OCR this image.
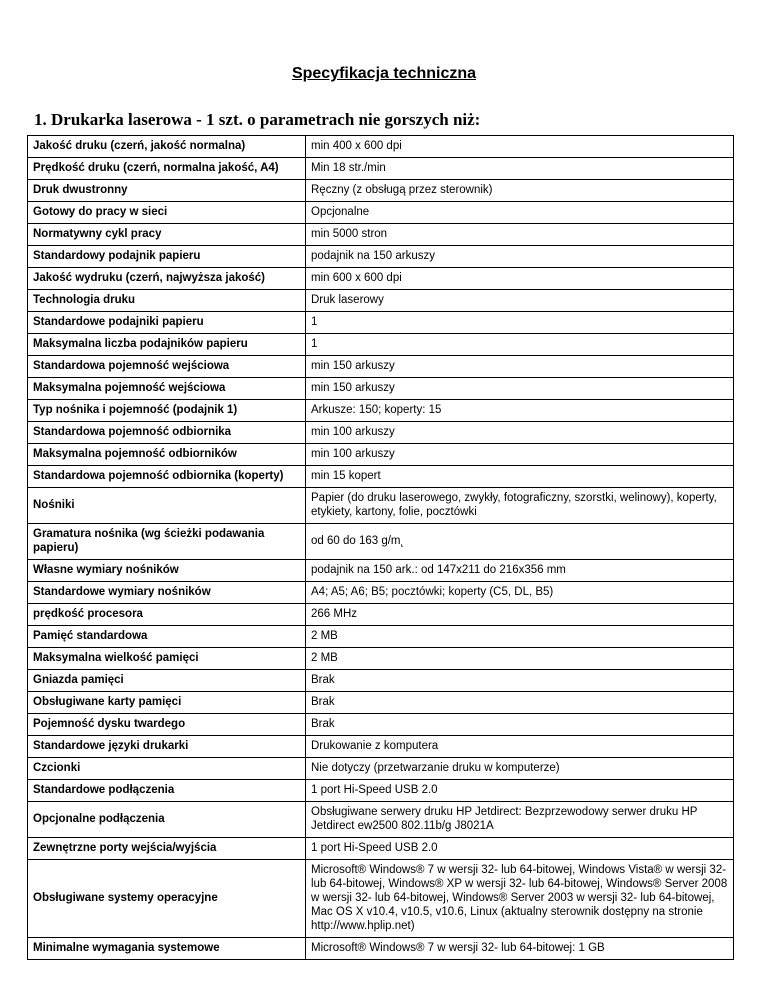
Specyfikacja techniczna
1. Drukarka laserowa - 1 szt. o parametrach nie gorszych niż:
Jakość druku (czerń, jakość normalna)	min 400 x 600 dpi
Prędkość druku (czerń, normalna jakość, A4)	Min 18 str./min
Druk dwustronny	Ręczny (z obsługą przez sterownik)
Gotowy do pracy w sieci	Opcjonalne
Normatywny cykl pracy	min 5000 stron
Standardowy podajnik papieru	podajnik na 150 arkuszy
Jakość wydruku (czerń, najwyższa jakość)	min 600 x 600 dpi
Technologia druku	Druk laserowy
Standardowe podajniki papieru	1
Maksymalna liczba podajników papieru	1
Standardowa pojemność wejściowa	min 150 arkuszy
Maksymalna pojemność wejściowa	min 150 arkuszy
Typ nośnika i pojemność (podajnik 1)	Arkusze: 150; koperty: 15
Standardowa pojemność odbiornika	min 100 arkuszy
Maksymalna pojemność odbiorników	min 100 arkuszy
Standardowa pojemność odbiornika (koperty)	min 15 kopert
Nośniki	Papier (do druku laserowego, zwykły, fotograficzny, szorstki, welinowy), koperty, etykiety, kartony, folie, pocztówki
Gramatura nośnika (wg ścieżki podawania papieru)	od 60 do 163 g/m˛
Własne wymiary nośników	podajnik na 150 ark.: od 147x211 do 216x356 mm
Standardowe wymiary nośników	A4; A5; A6; B5; pocztówki; koperty (C5, DL, B5)
prędkość procesora	266 MHz
Pamięć standardowa	2 MB
Maksymalna wielkość pamięci	2 MB
Gniazda pamięci	Brak
Obsługiwane karty pamięci	Brak
Pojemność dysku twardego	Brak
Standardowe języki drukarki	Drukowanie z komputera
Czcionki	Nie dotyczy (przetwarzanie druku w komputerze)
Standardowe podłączenia	1 port Hi-Speed USB 2.0
Opcjonalne podłączenia	Obsługiwane serwery druku HP Jetdirect: Bezprzewodowy serwer druku HP Jetdirect ew2500 802.11b/g J8021A
Zewnętrzne porty wejścia/wyjścia	1 port Hi-Speed USB 2.0
Obsługiwane systemy operacyjne	Microsoft® Windows® 7 w wersji 32- lub 64-bitowej, Windows Vista® w wersji 32- lub 64-bitowej, Windows® XP w wersji 32- lub 64-bitowej, Windows® Server 2008 w wersji 32- lub 64-bitowej, Windows® Server 2003 w wersji 32- lub 64-bitowej, Mac OS X v10.4, v10.5, v10.6, Linux (aktualny sterownik dostępny na stronie http://www.hplip.net)
Minimalne wymagania systemowe	Microsoft® Windows® 7 w wersji 32- lub 64-bitowej: 1 GB
